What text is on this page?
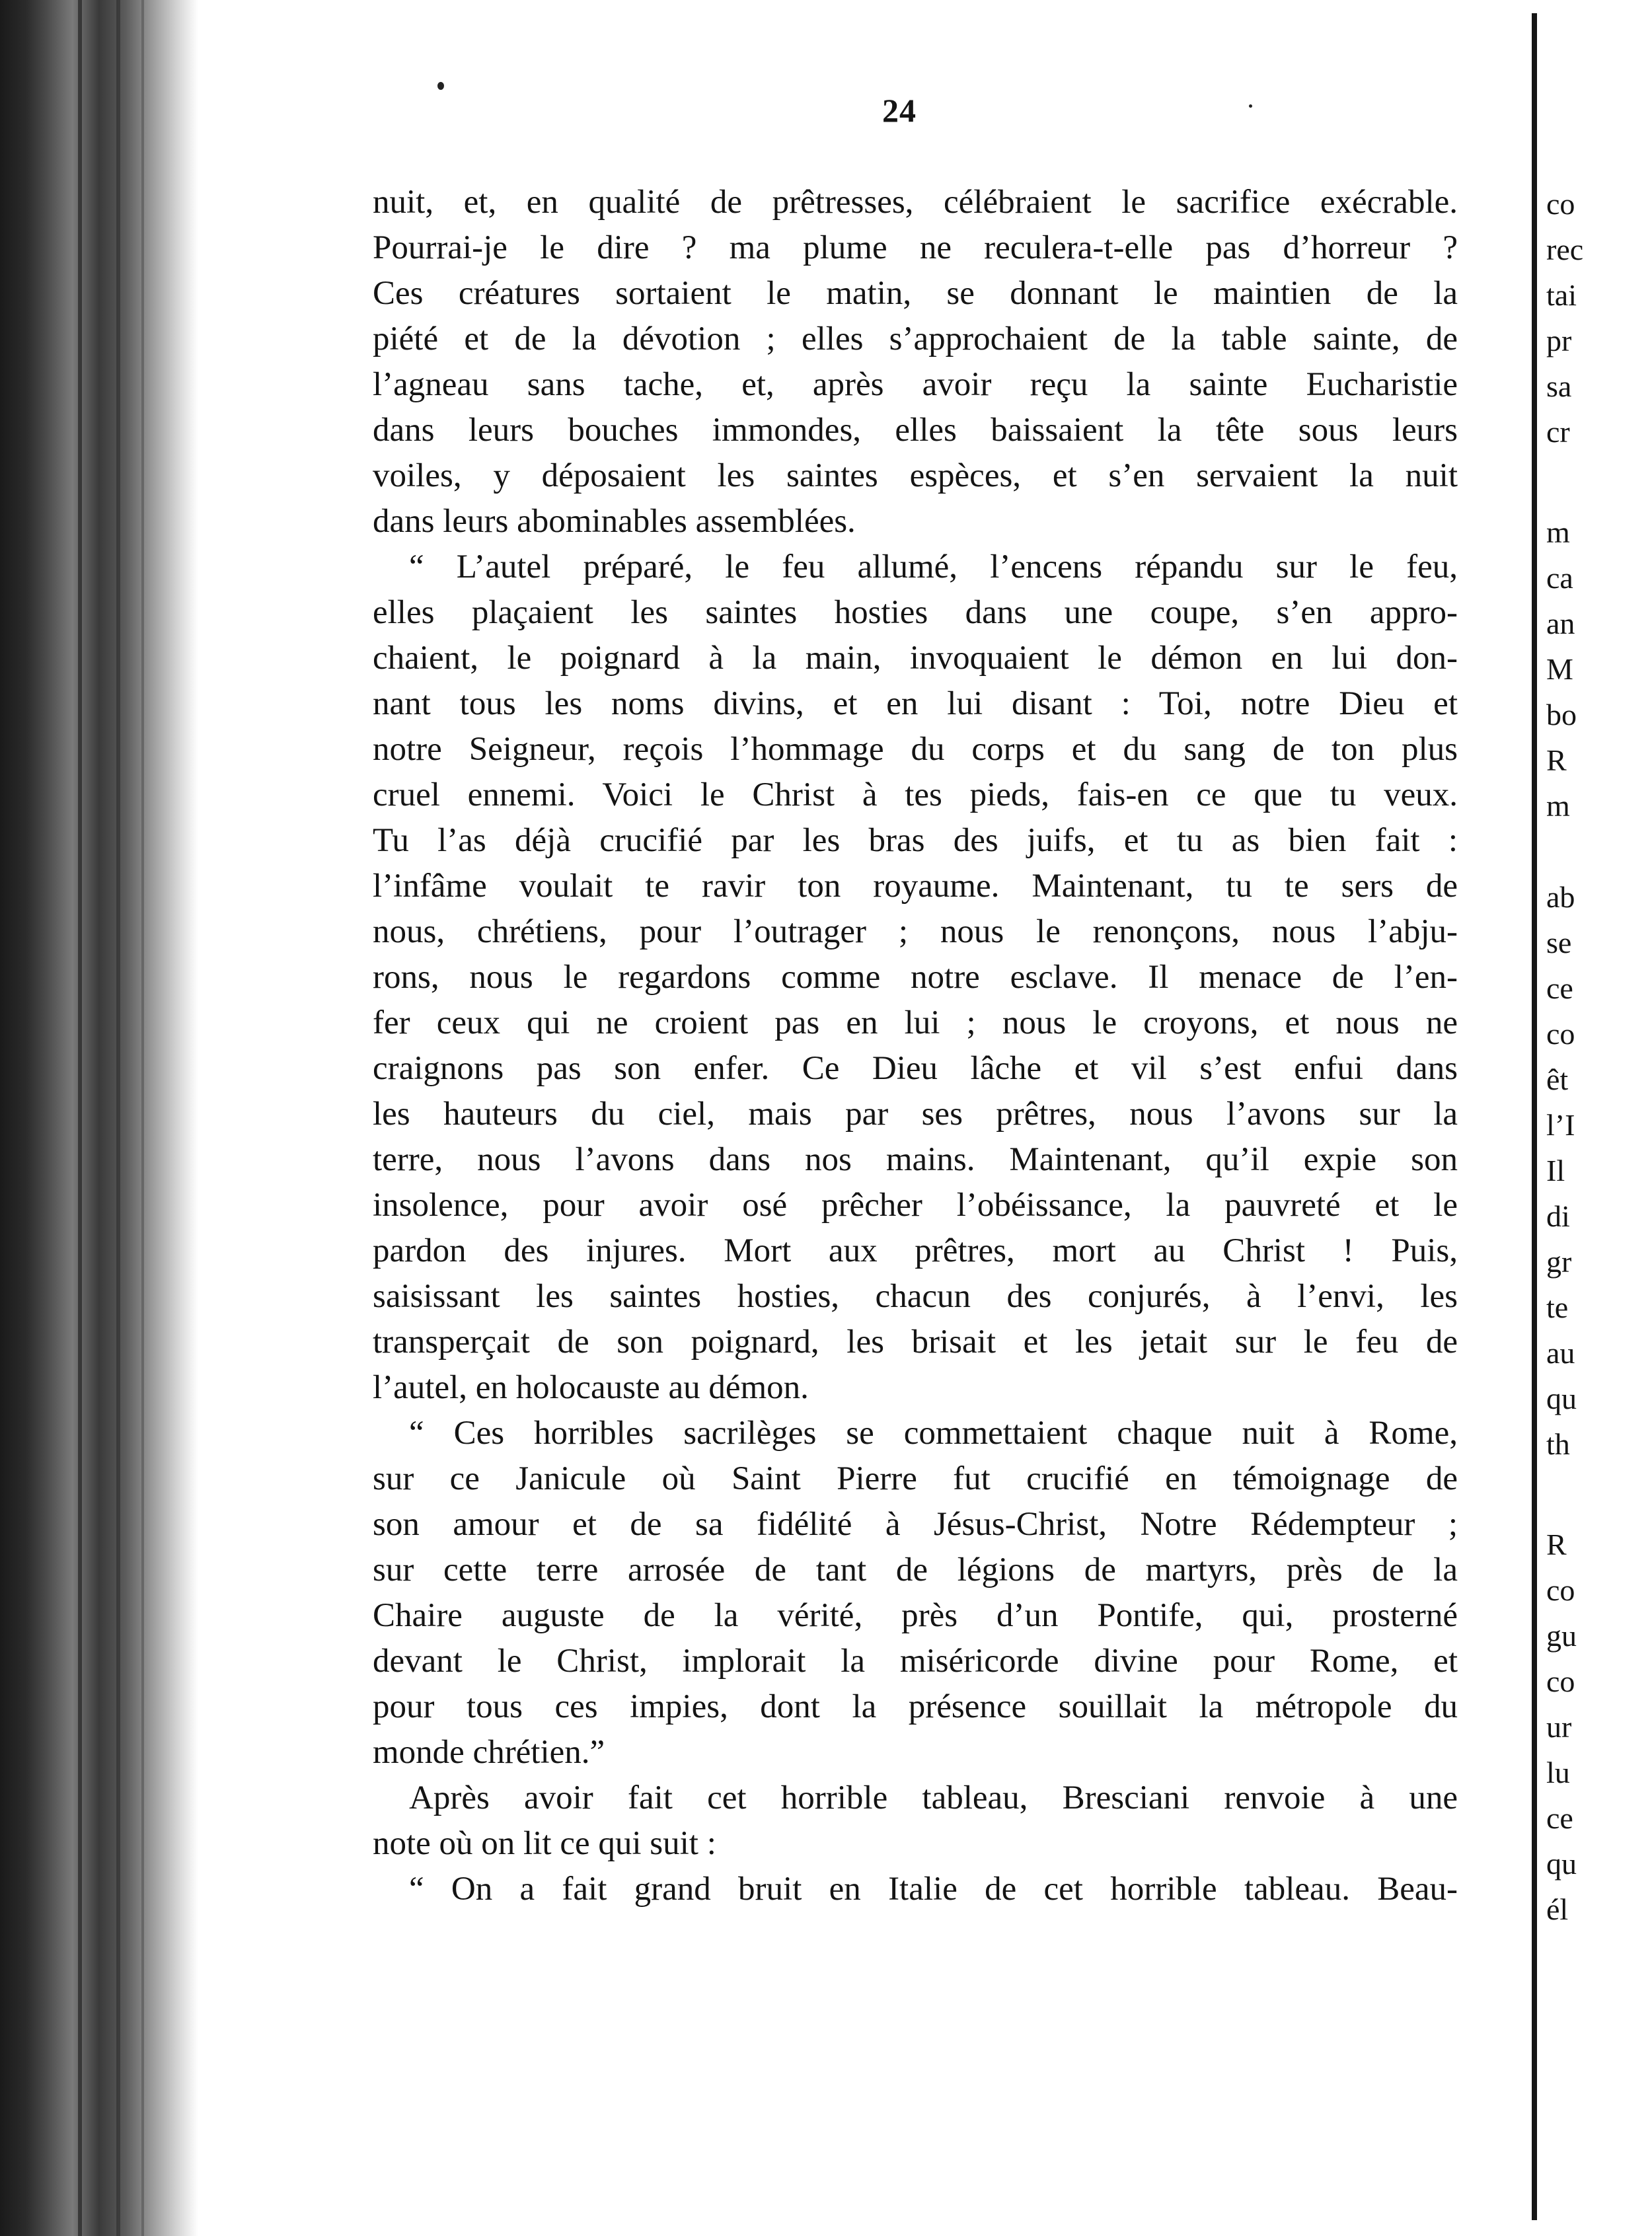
24
nuit, et, en qualité de prêtresses, célébraient le sacrifice exécrable.
Pourrai-je le dire ? ma plume ne reculera-t-elle pas d’horreur ?
Ces créatures sortaient le matin, se donnant le maintien de la
piété et de la dévotion ; elles s’approchaient de la table sainte, de
l’agneau sans tache, et, après avoir reçu la sainte Eucharistie
dans leurs bouches immondes, elles baissaient la tête sous leurs
voiles, y déposaient les saintes espèces, et s’en servaient la nuit
dans leurs abominables assemblées.
“ L’autel préparé, le feu allumé, l’encens répandu sur le feu,
elles plaçaient les saintes hosties dans une coupe, s’en appro-
chaient, le poignard à la main, invoquaient le démon en lui don-
nant tous les noms divins, et en lui disant : Toi, notre Dieu et
notre Seigneur, reçois l’hommage du corps et du sang de ton plus
cruel ennemi. Voici le Christ à tes pieds, fais-en ce que tu veux.
Tu l’as déjà crucifié par les bras des juifs, et tu as bien fait :
l’infâme voulait te ravir ton royaume. Maintenant, tu te sers de
nous, chrétiens, pour l’outrager ; nous le renonçons, nous l’abju-
rons, nous le regardons comme notre esclave. Il menace de l’en-
fer ceux qui ne croient pas en lui ; nous le croyons, et nous ne
craignons pas son enfer. Ce Dieu lâche et vil s’est enfui dans
les hauteurs du ciel, mais par ses prêtres, nous l’avons sur la
terre, nous l’avons dans nos mains. Maintenant, qu’il expie son
insolence, pour avoir osé prêcher l’obéissance, la pauvreté et le
pardon des injures. Mort aux prêtres, mort au Christ ! Puis,
saisissant les saintes hosties, chacun des conjurés, à l’envi, les
transperçait de son poignard, les brisait et les jetait sur le feu de
l’autel, en holocauste au démon.
“ Ces horribles sacrilèges se commettaient chaque nuit à Rome,
sur ce Janicule où Saint Pierre fut crucifié en témoignage de
son amour et de sa fidélité à Jésus-Christ, Notre Rédempteur ;
sur cette terre arrosée de tant de légions de martyrs, près de la
Chaire auguste de la vérité, près d’un Pontife, qui, prosterné
devant le Christ, implorait la miséricorde divine pour Rome, et
pour tous ces impies, dont la présence souillait la métropole du
monde chrétien.”
Après avoir fait cet horrible tableau, Bresciani renvoie à une
note où on lit ce qui suit :
“ On a fait grand bruit en Italie de cet horrible tableau. Beau-
co
rec
tai
pr
sa
cr
m
ca
an
M
bo
R
m
ab
se
ce
co
êt
l’I
Il
di
gr
te
au
qu
th
R
co
gu
co
ur
lu
ce
qu
él
